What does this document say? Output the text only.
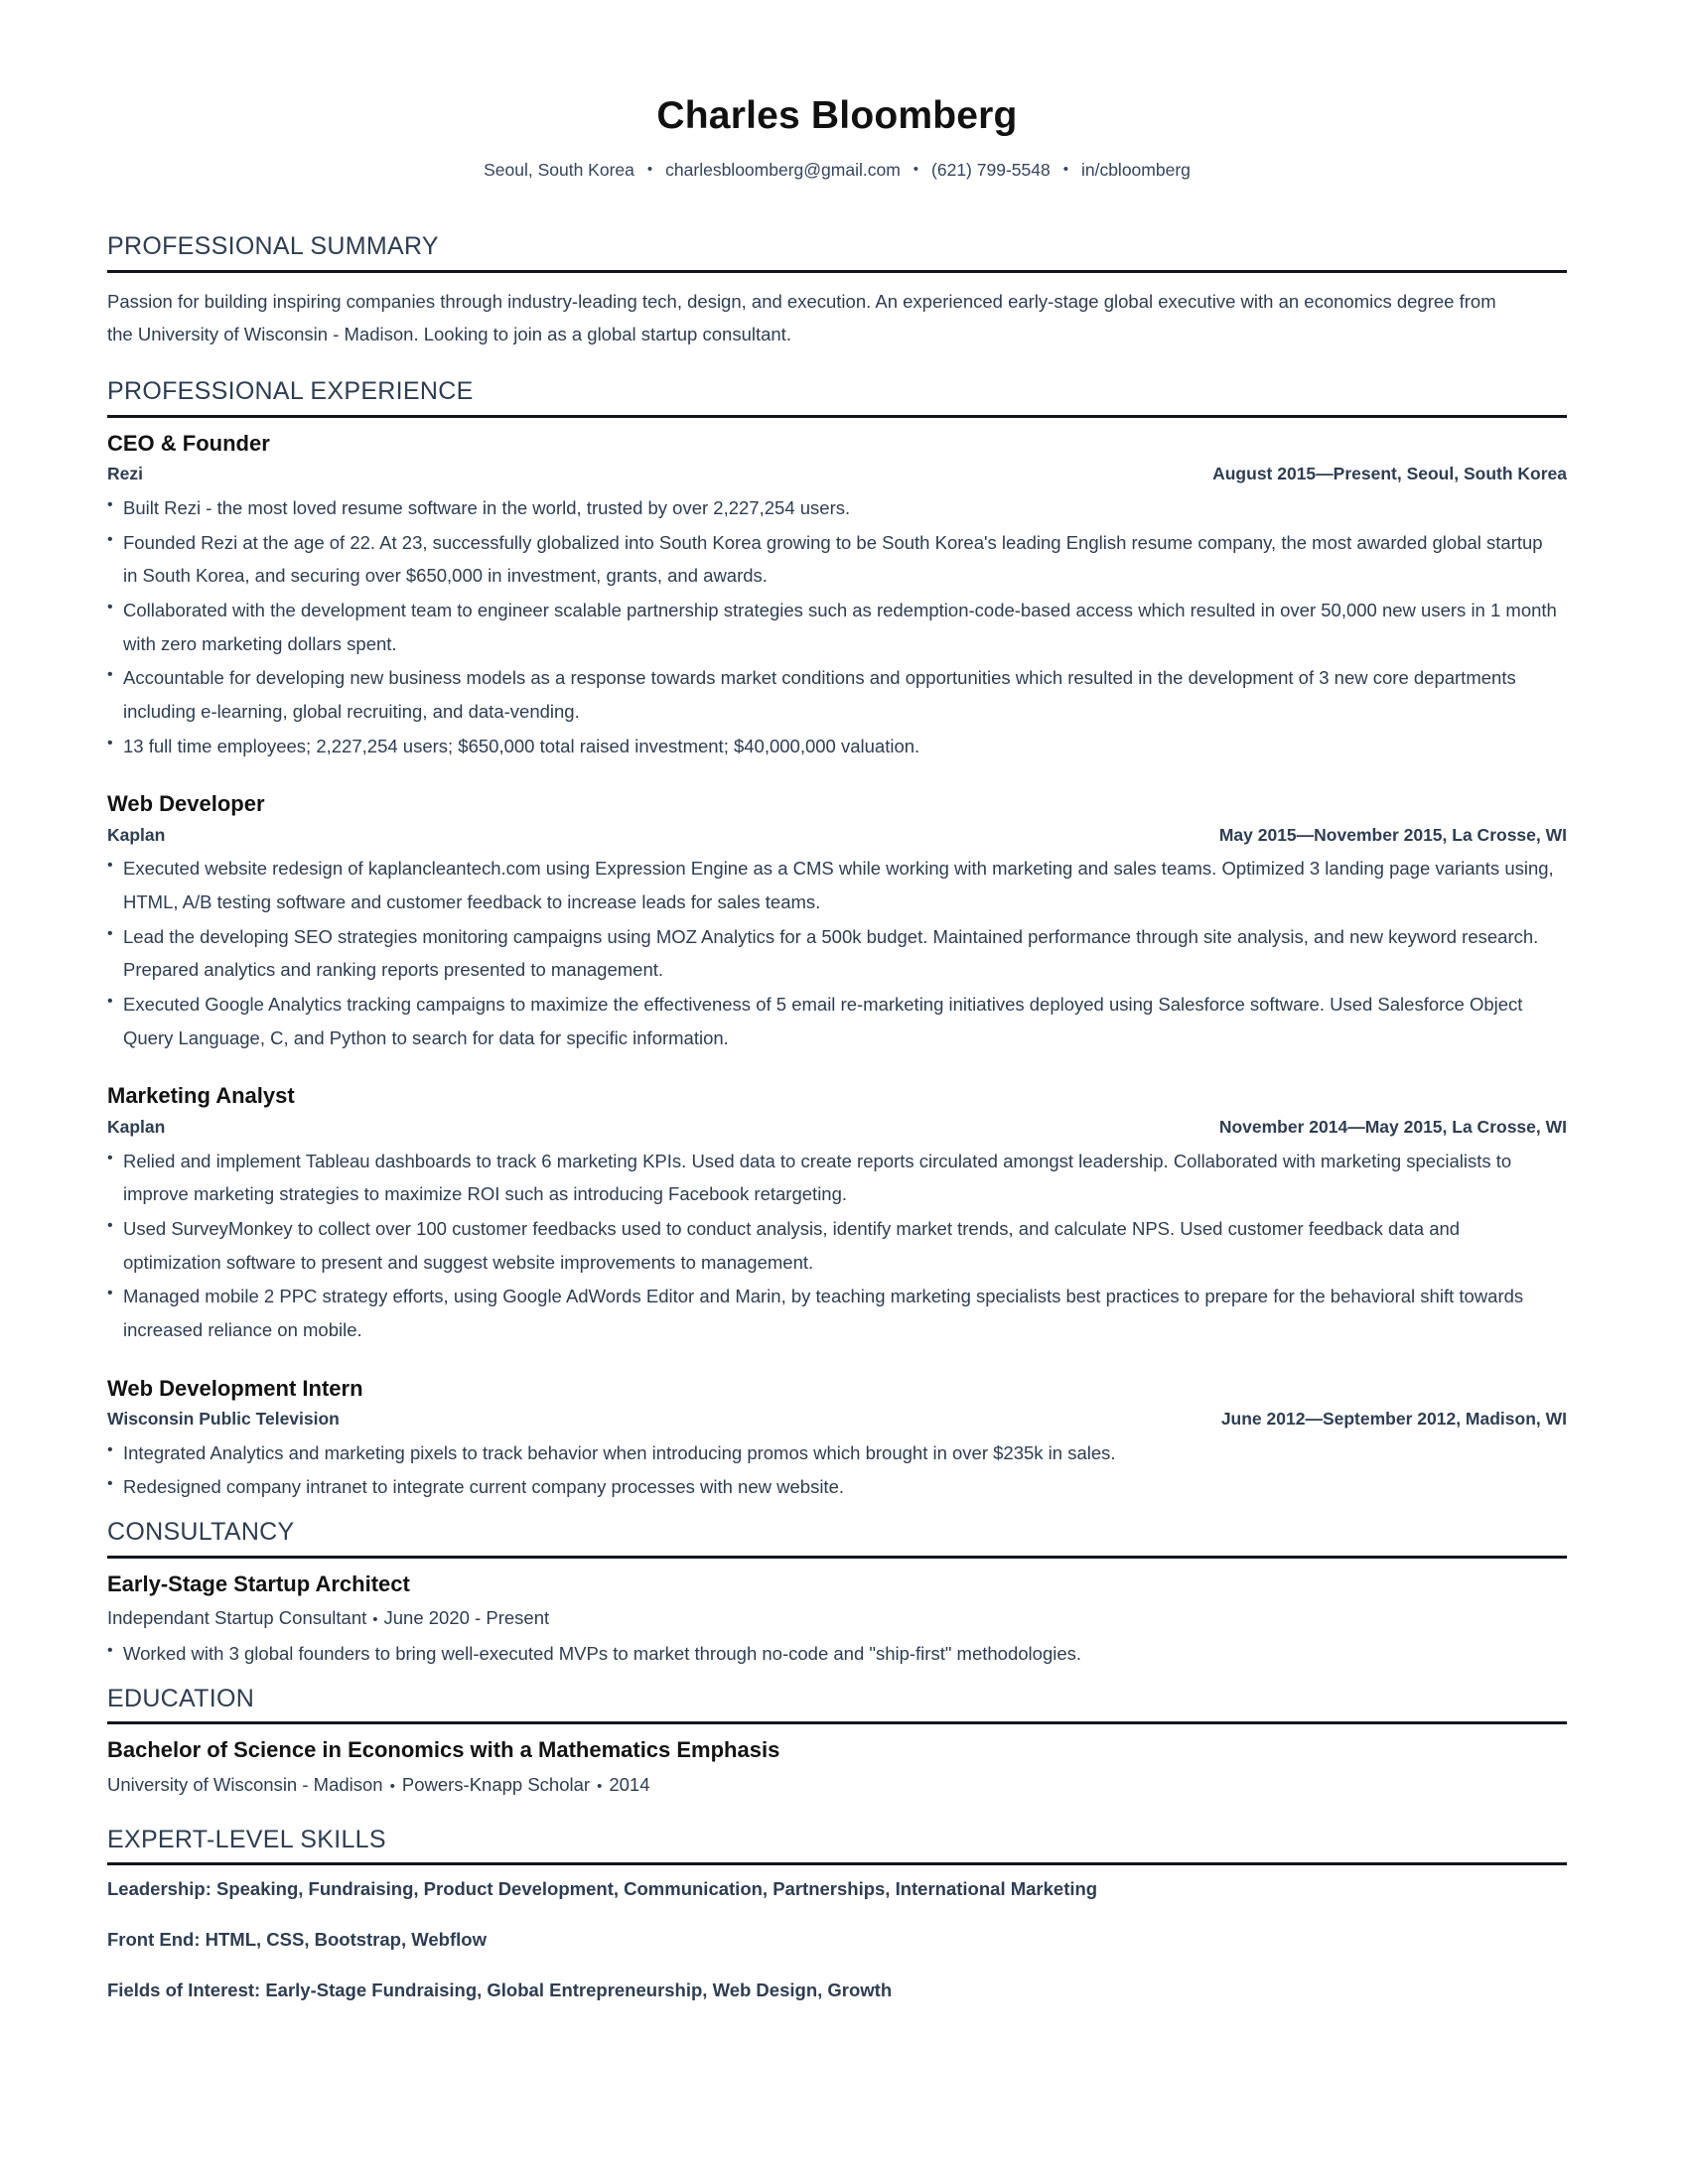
Charles Bloomberg
Seoul, South Korea • charlesbloomberg@gmail.com • (621) 799-5548 • in/cbloomberg
PROFESSIONAL SUMMARY

Passion for building inspiring companies through industry-leading tech, design, and execution. An experienced early-stage global executive with an economics degree from the University of Wisconsin - Madison. Looking to join as a global startup consultant.

PROFESSIONAL EXPERIENCE
CEO & Founder
Rezi	August 2015—Present, Seoul, South Korea
• Built Rezi - the most loved resume software in the world, trusted by over 2,227,254 users.
• Founded Rezi at the age of 22. At 23, successfully globalized into South Korea growing to be South Korea's leading English resume company, the most awarded global startup in South Korea, and securing over $650,000 in investment, grants, and awards.
• Collaborated with the development team to engineer scalable partnership strategies such as redemption-code-based access which resulted in over 50,000 new users in 1 month with zero marketing dollars spent.
• Accountable for developing new business models as a response towards market conditions and opportunities which resulted in the development of 3 new core departments including e-learning, global recruiting, and data-vending.
• 13 full time employees; 2,227,254 users; $650,000 total raised investment; $40,000,000 valuation.
Web Developer
Kaplan	May 2015—November 2015, La Crosse, WI
• Executed website redesign of kaplancleantech.com using Expression Engine as a CMS while working with marketing and sales teams. Optimized 3 landing page variants using, HTML, A/B testing software and customer feedback to increase leads for sales teams.
• Lead the developing SEO strategies monitoring campaigns using MOZ Analytics for a 500k budget. Maintained performance through site analysis, and new keyword research. Prepared analytics and ranking reports presented to management.
• Executed Google Analytics tracking campaigns to maximize the effectiveness of 5 email re-marketing initiatives deployed using Salesforce software. Used Salesforce Object Query Language, C, and Python to search for data for specific information.
Marketing Analyst
Kaplan	November 2014—May 2015, La Crosse, WI
• Relied and implement Tableau dashboards to track 6 marketing KPIs. Used data to create reports circulated amongst leadership. Collaborated with marketing specialists to improve marketing strategies to maximize ROI such as introducing Facebook retargeting.
• Used SurveyMonkey to collect over 100 customer feedbacks used to conduct analysis, identify market trends, and calculate NPS. Used customer feedback data and optimization software to present and suggest website improvements to management.
• Managed mobile 2 PPC strategy efforts, using Google AdWords Editor and Marin, by teaching marketing specialists best practices to prepare for the behavioral shift towards increased reliance on mobile.
Web Development Intern
Wisconsin Public Television	June 2012—September 2012, Madison, WI
• Integrated Analytics and marketing pixels to track behavior when introducing promos which brought in over $235k in sales.
• Redesigned company intranet to integrate current company processes with new website.
CONSULTANCY
Early-Stage Startup Architect

Independant Startup Consultant • June 2020 - Present

• Worked with 3 global founders to bring well-executed MVPs to market through no-code and "ship-first" methodologies.
EDUCATION
Bachelor of Science in Economics with a Mathematics Emphasis

University of Wisconsin - Madison • Powers-Knapp Scholar • 2014

EXPERT-LEVEL SKILLS

Leadership: Speaking, Fundraising, Product Development, Communication, Partnerships, International Marketing

Front End: HTML, CSS, Bootstrap, Webflow

Fields of Interest: Early-Stage Fundraising, Global Entrepreneurship, Web Design, Growth
